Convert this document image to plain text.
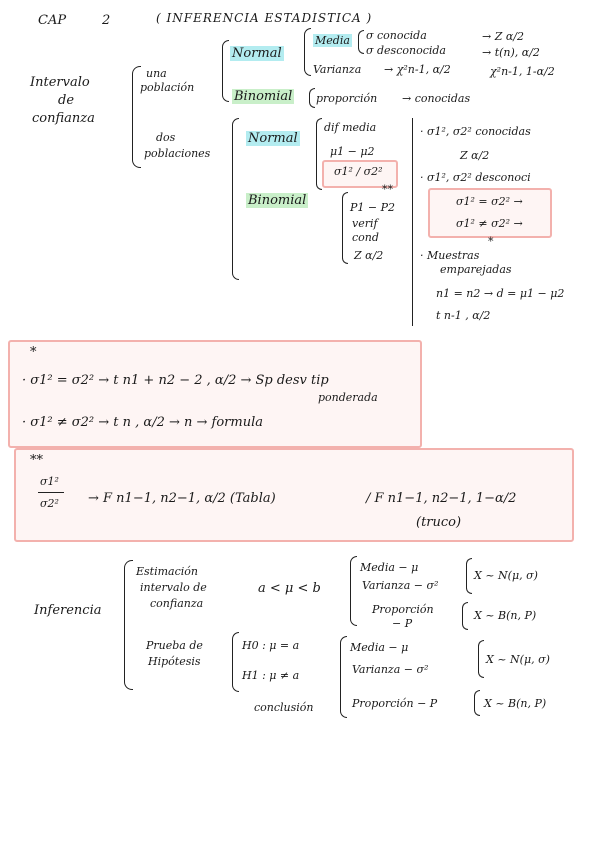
CAP	2	( INFERENCIA ESTADISTICA )
Intervalo
de
confianza
una
población
Normal
Media σ conocida	→ Z α/2
σ desconocida	→ t(n), α/2
Varianza → χ²n-1, α/2	χ²n-1, 1-α/2
Binomial proporción → conocidas
dos
poblaciones
Normal
dif media
μ1 − μ2
σ1² / σ2²
**
· σ1², σ2² conocidas
Z α/2
· σ1², σ2² desconoci
σ1² = σ2² →
σ1² ≠ σ2² →
*
· Muestras
emparejadas
n1 = n2 → d = μ1 − μ2
t n-1 , α/2
Binomial	P1 − P2
verif
cond
Z α/2
*
· σ1² = σ2² → t n1 + n2 − 2 , α/2 → Sp desv tip
ponderada
· σ1² ≠ σ2² → t n , α/2 → n → formula
**
σ1²
σ2² → F n1−1, n2−1, α/2 (Tabla)	/ F n1−1, n2−1, 1−α/2
(truco)
Inferencia
Estimación
intervalo de
confianza
a < μ < b
Media − μ
Varianza − σ²
Proporción
− P
X ~ N(μ, σ)
X ~ B(n, P)
Prueba de
Hipótesis
H0 : μ = a
H1 : μ ≠ a
conclusión
Media − μ
Varianza − σ²
Proporción − P
X ~ N(μ, σ)
X ~ B(n, P)
